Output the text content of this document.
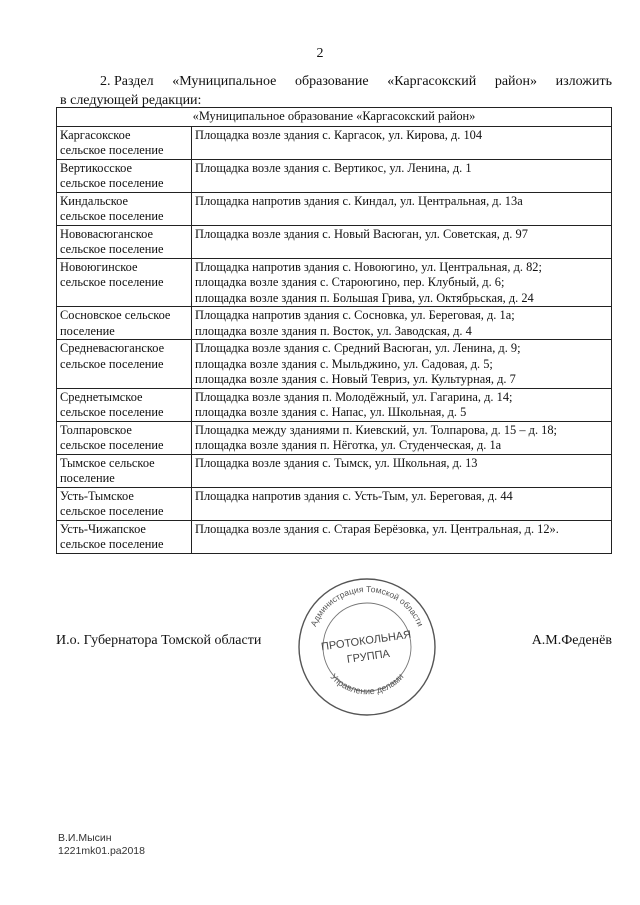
2
2. Раздел «Муниципальное образование «Каргасокский район» изложить
в следующей редакции:
«Муниципальное образование «Каргасокский район»	

Каргасокское
сельское поселение	Площадка возле здания с. Каргасок, ул. Кирова, д. 104

Вертикосское
сельское поселение	Площадка возле здания с. Вертикос, ул. Ленина, д. 1

Киндальское
сельское поселение	Площадка напротив здания с. Киндал, ул. Центральная, д. 13а

Нововасюганское
сельское поселение	Площадка возле здания с. Новый Васюган, ул. Советская, д. 97

Новоюгинское
сельское поселение	Площадка напротив здания с. Новоюгино, ул. Центральная, д. 82;
площадка возле здания с. Староюгино, пер. Клубный, д. 6;
площадка возле здания п. Большая Грива, ул. Октябрьская, д. 24

Сосновское сельское
поселение	Площадка напротив здания с. Сосновка, ул. Береговая, д. 1а;
площадка возле здания п. Восток, ул. Заводская, д. 4

Средневасюганское
сельское поселение	Площадка возле здания с. Средний Васюган, ул. Ленина, д. 9;
площадка возле здания с. Мыльджино, ул. Садовая, д. 5;
площадка возле здания с. Новый Тевриз, ул. Культурная, д. 7

Среднетымское
сельское поселение	Площадка возле здания п. Молодёжный, ул. Гагарина, д. 14;
площадка возле здания с. Напас, ул. Школьная, д. 5

Толпаровское
сельское поселение	Площадка между зданиями п. Киевский, ул. Толпарова, д. 15 – д. 18;
площадка возле здания п. Нёготка, ул. Студенческая, д. 1а

Тымское сельское
поселение	Площадка возле здания с. Тымск, ул. Школьная, д. 13

Усть-Тымское
сельское поселение	Площадка напротив здания с. Усть-Тым, ул. Береговая, д. 44

Усть-Чижапское
сельское поселение	Площадка возле здания с. Старая Берёзовка, ул. Центральная, д. 12».
И.о. Губернатора Томской области	А.М.Феденёв
Администрация Томской области
Управление делами
ПРОТОКОЛЬНАЯ
ГРУППА
В.И.Мысин
1221mk01.ра2018
